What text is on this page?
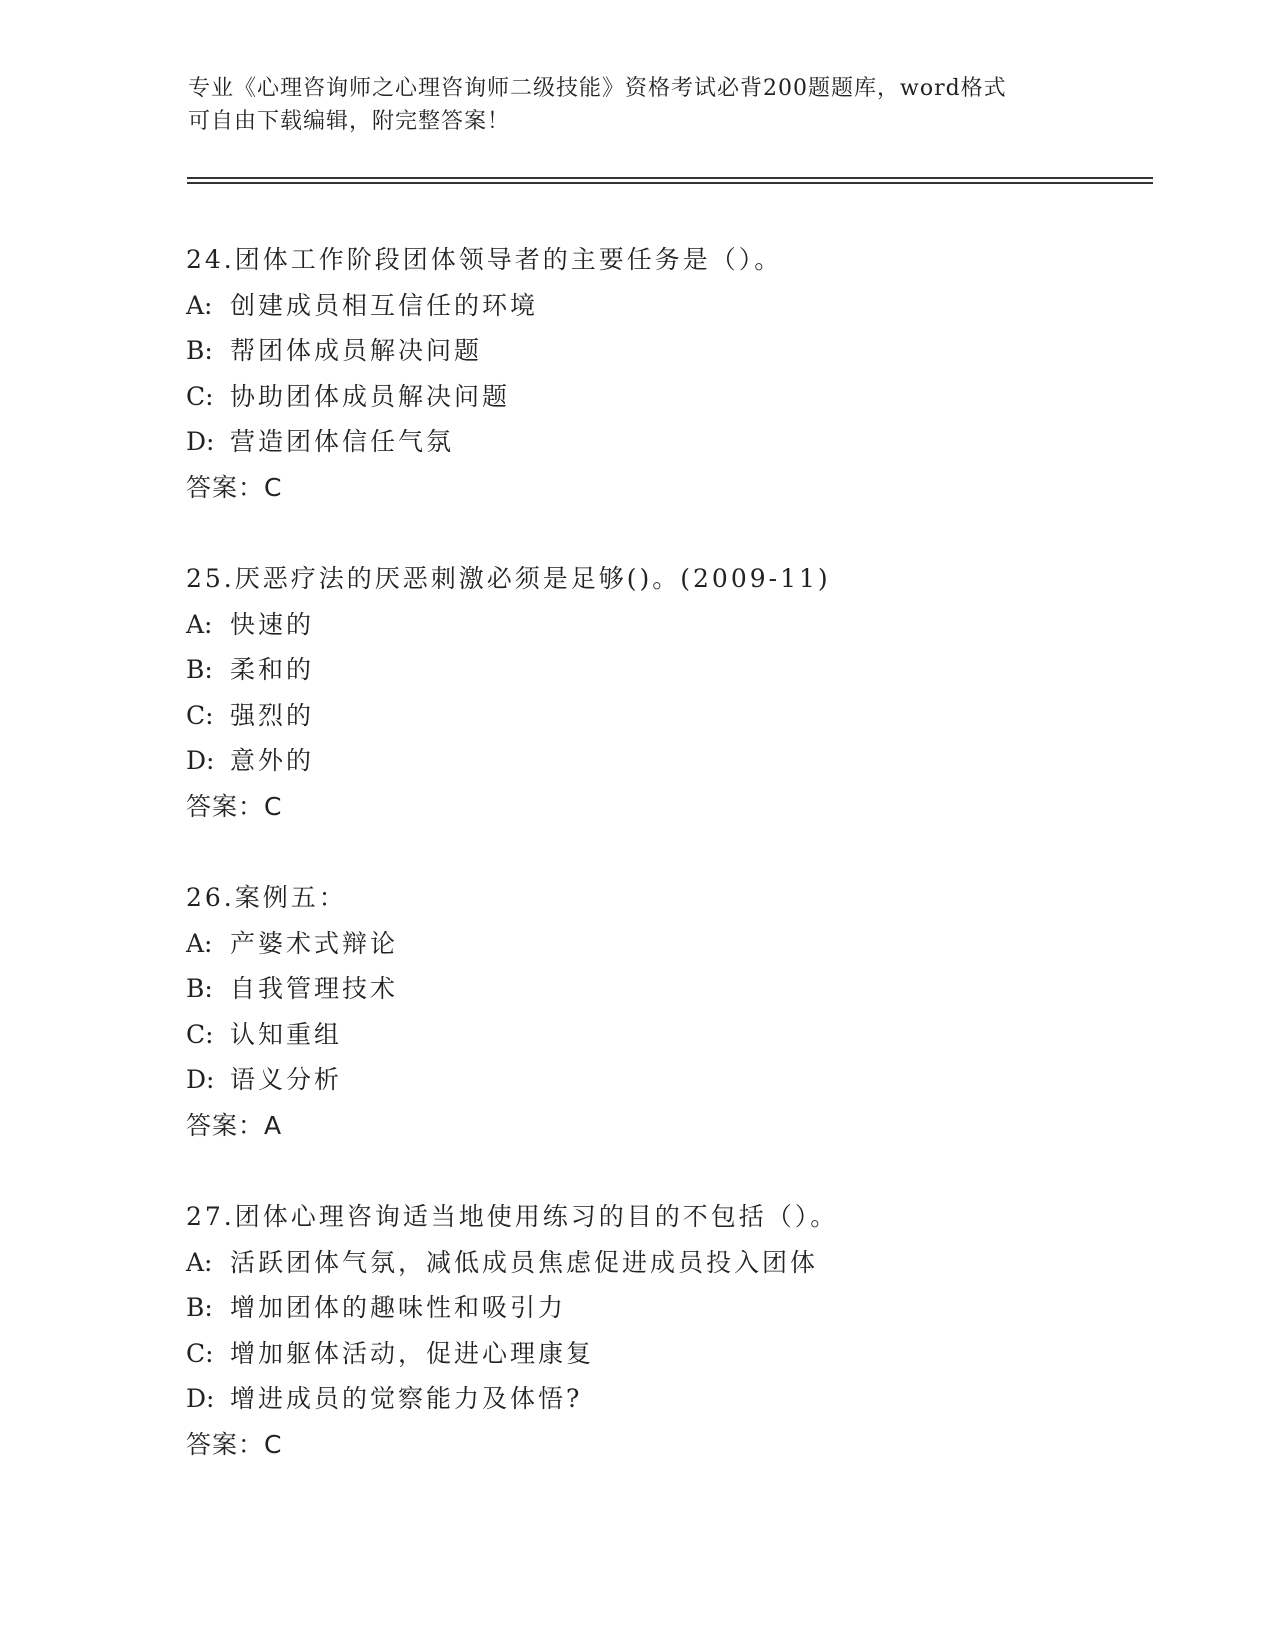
专业《心理咨询师之心理咨询师二级技能》资格考试必背200题题库，word格式
可自由下载编辑，附完整答案！
24.团体工作阶段团体领导者的主要任务是（）。
A: 创建成员相互信任的环境
B: 帮团体成员解决问题
C: 协助团体成员解决问题
D: 营造团体信任气氛
答案：C
25.厌恶疗法的厌恶刺激必须是足够()。(2009-11)
A: 快速的
B: 柔和的
C: 强烈的
D: 意外的
答案：C
26.案例五：
A: 产婆术式辩论
B: 自我管理技术
C: 认知重组
D: 语义分析
答案：A
27.团体心理咨询适当地使用练习的目的不包括（）。
A: 活跃团体气氛，减低成员焦虑促进成员投入团体
B: 增加团体的趣味性和吸引力
C: 增加躯体活动，促进心理康复
D: 增进成员的觉察能力及体悟?
答案：C
